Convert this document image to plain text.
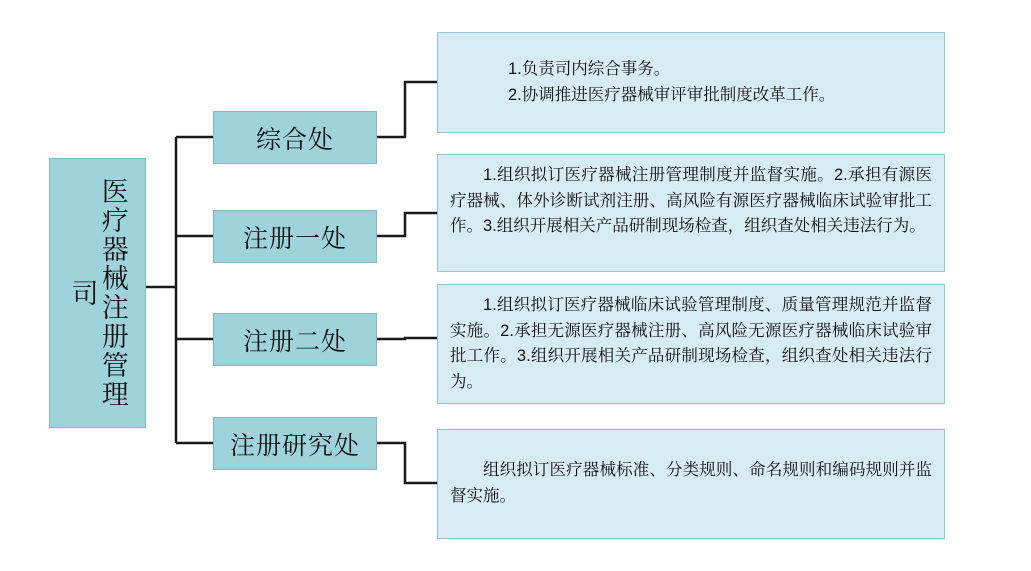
医疗器械注册管理司
综合处
注册一处
注册二处
注册研究处
1.负责司内综合事务。
2.协调推进医疗器械审评审批制度改革工作。
1.组织拟订医疗器械注册管理制度并监督实施。2.承担有源医疗器械、体外诊断试剂注册、高风险有源医疗器械临床试验审批工作。3.组织开展相关产品研制现场检查，组织查处相关违法行为。
1.组织拟订医疗器械临床试验管理制度、质量管理规范并监督实施。2.承担无源医疗器械注册、高风险无源医疗器械临床试验审批工作。3.组织开展相关产品研制现场检查，组织查处相关违法行为。
组织拟订医疗器械标准、分类规则、命名规则和编码规则并监督实施。
